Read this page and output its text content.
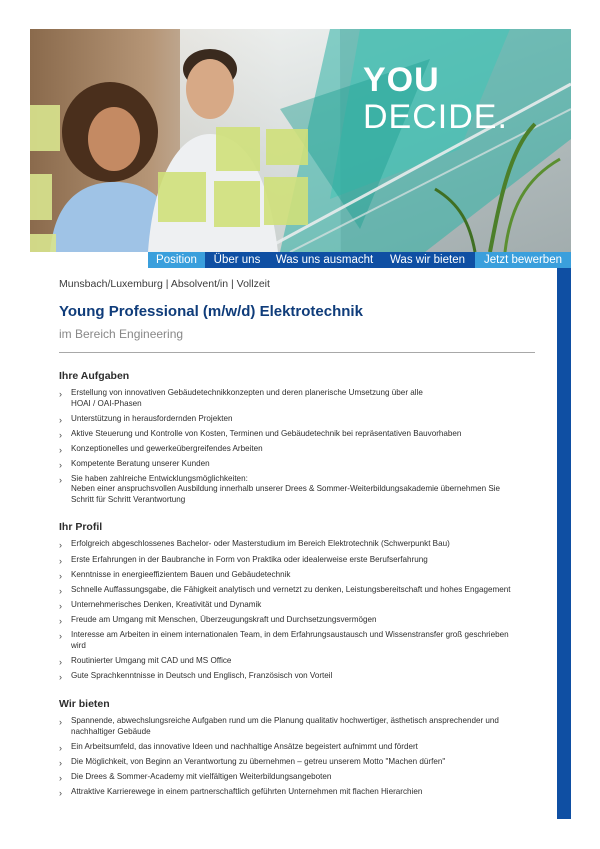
YOU
DECIDE.
Position	Über uns	Was uns ausmacht	Was wir bieten	Jetzt bewerben
Munsbach/Luxemburg | Absolvent/in | Vollzeit
Young Professional (m/w/d) Elektrotechnik
im Bereich Engineering
Ihre Aufgaben
› Erstellung von innovativen Gebäudetechnikkonzepten und deren planerische Umsetzung über alle
HOAI / OAI-Phasen
› Unterstützung in herausfordernden Projekten
› Aktive Steuerung und Kontrolle von Kosten, Terminen und Gebäudetechnik bei repräsentativen Bauvorhaben
› Konzeptionelles und gewerkeübergreifendes Arbeiten
› Kompetente Beratung unserer Kunden
› Sie haben zahlreiche Entwicklungsmöglichkeiten:
Neben einer anspruchsvollen Ausbildung innerhalb unserer Drees & Sommer-Weiterbildungsakademie übernehmen Sie
Schritt für Schritt Verantwortung
Ihr Profil
› Erfolgreich abgeschlossenes Bachelor- oder Masterstudium im Bereich Elektrotechnik (Schwerpunkt Bau)
› Erste Erfahrungen in der Baubranche in Form von Praktika oder idealerweise erste Berufserfahrung
› Kenntnisse in energieeffizientem Bauen und Gebäudetechnik
› Schnelle Auffassungsgabe, die Fähigkeit analytisch und vernetzt zu denken, Leistungsbereitschaft und hohes Engagement
› Unternehmerisches Denken, Kreativität und Dynamik
› Freude am Umgang mit Menschen, Überzeugungskraft und Durchsetzungsvermögen
› Interesse am Arbeiten in einem internationalen Team, in dem Erfahrungsaustausch und Wissenstransfer groß geschrieben
wird
› Routinierter Umgang mit CAD und MS Office
› Gute Sprachkenntnisse in Deutsch und Englisch, Französisch von Vorteil
Wir bieten
› Spannende, abwechslungsreiche Aufgaben rund um die Planung qualitativ hochwertiger, ästhetisch ansprechender und
nachhaltiger Gebäude
› Ein Arbeitsumfeld, das innovative Ideen und nachhaltige Ansätze begeistert aufnimmt und fördert
› Die Möglichkeit, von Beginn an Verantwortung zu übernehmen – getreu unserem Motto "Machen dürfen"
› Die Drees & Sommer-Academy mit vielfältigen Weiterbildungsangeboten
› Attraktive Karrierewege in einem partnerschaftlich geführten Unternehmen mit flachen Hierarchien
